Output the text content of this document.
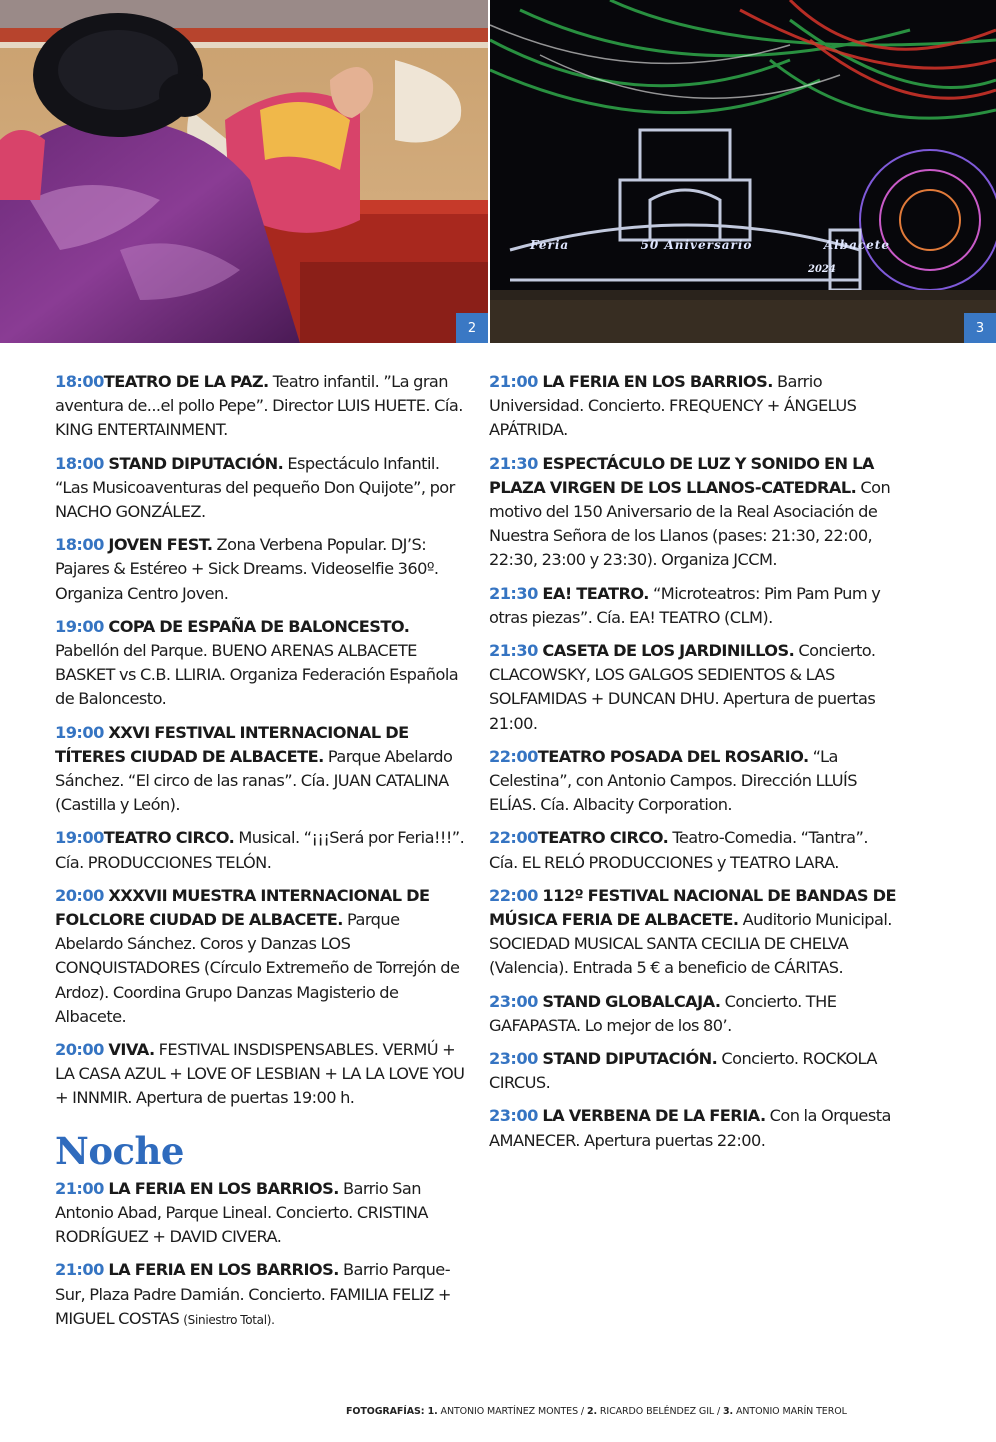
2
Feria	50 Aniversario	Albacete
2024
3

18:00TEATRO DE LA PAZ. Teatro infantil. ”La gran aventura de...el pollo Pepe”. Director LUIS HUETE. Cía. KING ENTERTAINMENT.

18:00 STAND DIPUTACIÓN. Espectáculo Infantil. “Las Musicoaventuras del pequeño Don Quijote”, por NACHO GONZÁLEZ.

18:00 JOVEN FEST. Zona Verbena Popular. DJ’S: Pajares & Estéreo + Sick Dreams. Videoselfie 360º. Organiza Centro Joven.

19:00 COPA DE ESPAÑA DE BALONCESTO. Pabellón del Parque. BUENO ARENAS ALBACETE BASKET vs C.B. LLIRIA. Organiza Federación Española de Baloncesto.

19:00 XXVI FESTIVAL INTERNACIONAL DE TÍTERES CIUDAD DE ALBACETE. Parque Abelardo Sánchez. “El circo de las ranas”. Cía. JUAN CATALINA (Castilla y León).

19:00TEATRO CIRCO. Musical. “¡¡¡Será por Feria!!!”. Cía. PRODUCCIONES TELÓN.

20:00 XXXVII MUESTRA INTERNACIONAL DE FOLCLORE CIUDAD DE ALBACETE. Parque Abelardo Sánchez. Coros y Danzas LOS CONQUISTADORES (Círculo Extremeño de Torrejón de Ardoz). Coordina Grupo Danzas Magisterio de Albacete.

20:00 VIVA. FESTIVAL INSDISPENSABLES. VERMÚ + LA CASA AZUL + LOVE OF LESBIAN + LA LA LOVE YOU + INNMIR. Apertura de puertas 19:00 h.

Noche

21:00 LA FERIA EN LOS BARRIOS. Barrio San Antonio Abad, Parque Lineal. Concierto. CRISTINA RODRÍGUEZ + DAVID CIVERA.

21:00 LA FERIA EN LOS BARRIOS. Barrio Parque-Sur, Plaza Padre Damián. Concierto. FAMILIA FELIZ + MIGUEL COSTAS (Siniestro Total).

21:00 LA FERIA EN LOS BARRIOS. Barrio Universidad. Concierto. FREQUENCY + ÁNGELUS APÁTRIDA.

21:30 ESPECTÁCULO DE LUZ Y SONIDO EN LA PLAZA VIRGEN DE LOS LLANOS-CATEDRAL. Con motivo del 150 Aniversario de la Real Asociación de Nuestra Señora de los Llanos (pases: 21:30, 22:00, 22:30, 23:00 y 23:30). Organiza JCCM.

21:30 EA! TEATRO. “Microteatros: Pim Pam Pum y otras piezas”. Cía. EA! TEATRO (CLM).

21:30 CASETA DE LOS JARDINILLOS. Concierto. CLACOWSKY, LOS GALGOS SEDIENTOS & LAS SOLFAMIDAS + DUNCAN DHU. Apertura de puertas 21:00.

22:00TEATRO POSADA DEL ROSARIO. “La Celestina”, con Antonio Campos. Dirección LLUÍS ELÍAS. Cía. Albacity Corporation.

22:00TEATRO CIRCO. Teatro-Comedia. “Tantra”. Cía. EL RELÓ PRODUCCIONES y TEATRO LARA.

22:00 112º FESTIVAL NACIONAL DE BANDAS DE MÚSICA FERIA DE ALBACETE. Auditorio Municipal. SOCIEDAD MUSICAL SANTA CECILIA DE CHELVA (Valencia). Entrada 5 € a beneficio de CÁRITAS.

23:00 STAND GLOBALCAJA. Concierto. THE GAFAPASTA. Lo mejor de los 80’.

23:00 STAND DIPUTACIÓN. Concierto. ROCKOLA CIRCUS.

23:00 LA VERBENA DE LA FERIA. Con la Orquesta AMANECER. Apertura puertas 22:00.

FOTOGRAFÍAS: 1. ANTONIO MARTÍNEZ MONTES / 2. RICARDO BELÉNDEZ GIL / 3. ANTONIO MARÍN TEROL
